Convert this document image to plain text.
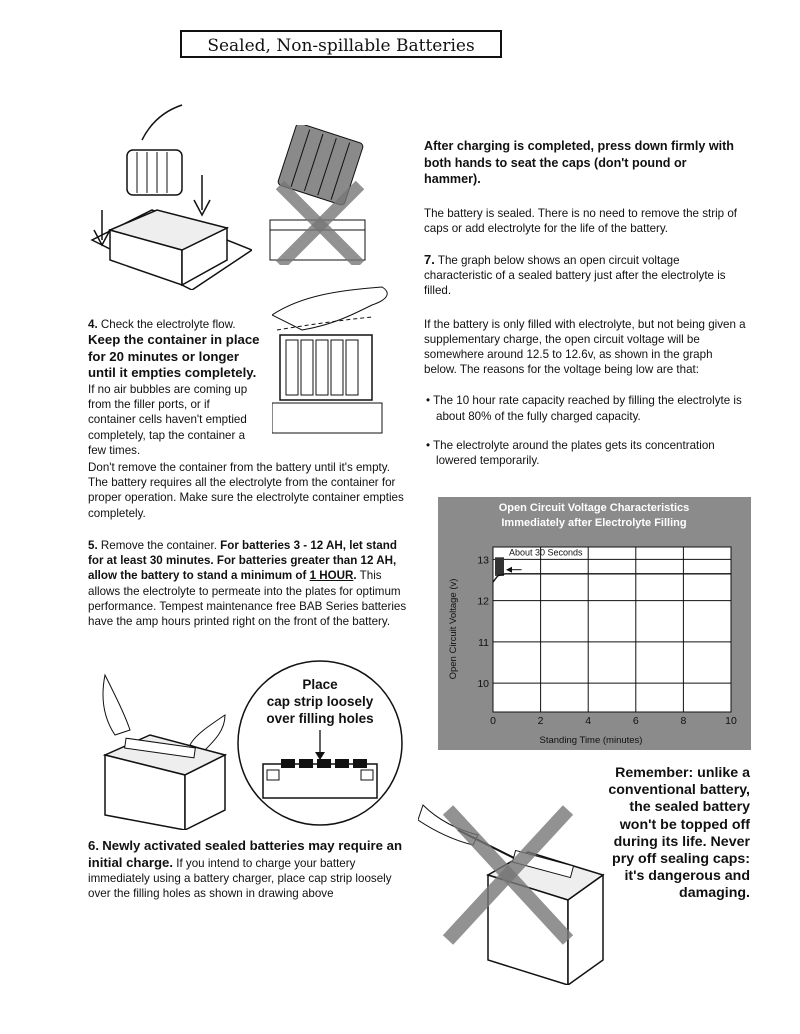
Sealed, Non-spillable Batteries

4. Check the electrolyte flow.

Keep the container in place for 20 minutes or longer until it empties completely.

If no air bubbles are coming up from the filler ports, or if container cells haven't emptied completely, tap the container a few times.

Don't remove the container from the battery until it's empty. The battery requires all the electrolyte from the container for proper operation. Make sure the electrolyte container empties completely.

5. Remove the container. For batteries 3 - 12 AH, let stand for at least 30 minutes. For batteries greater than 12 AH, allow the battery to stand a minimum of 1 HOUR. This allows the electrolyte to permeate into the plates for optimum performance. Tempest maintenance free BAB Series batteries have the amp hours printed right on the front of the battery.

Place
cap strip loosely
over filling holes

6. Newly activated sealed batteries may require an initial charge. If you intend to charge your battery immediately using a battery charger, place cap strip loosely over the filling holes as shown in drawing above

After charging is completed, press down firmly with both hands to seat the caps (don't pound or hammer).

The battery is sealed. There is no need to remove the strip of caps or add electrolyte for the life of the battery.

7. The graph below shows an open circuit voltage characteristic of a sealed battery just after the electrolyte is filled.

If the battery is only filled with electrolyte, but not being given a supplementary charge, the open circuit voltage will be somewhere around 12.5 to 12.6v, as shown in the graph below. The reasons for the voltage being low are that:

• The 10 hour rate capacity reached by filling the electrolyte is about 80% of the fully charged capacity.

• The electrolyte around the plates gets its concentration lowered temporarily.

Open Circuit Voltage Characteristics
Immediately after Electrolyte Filling
0	2	4	6	8	10
10
11
12
13
About 30 Seconds
Standing Time (minutes)
Open Circuit Voltage (v)
Remember: unlike a conventional battery, the sealed battery won't be topped off during its life. Never pry off sealing caps: it's dangerous and damaging.
